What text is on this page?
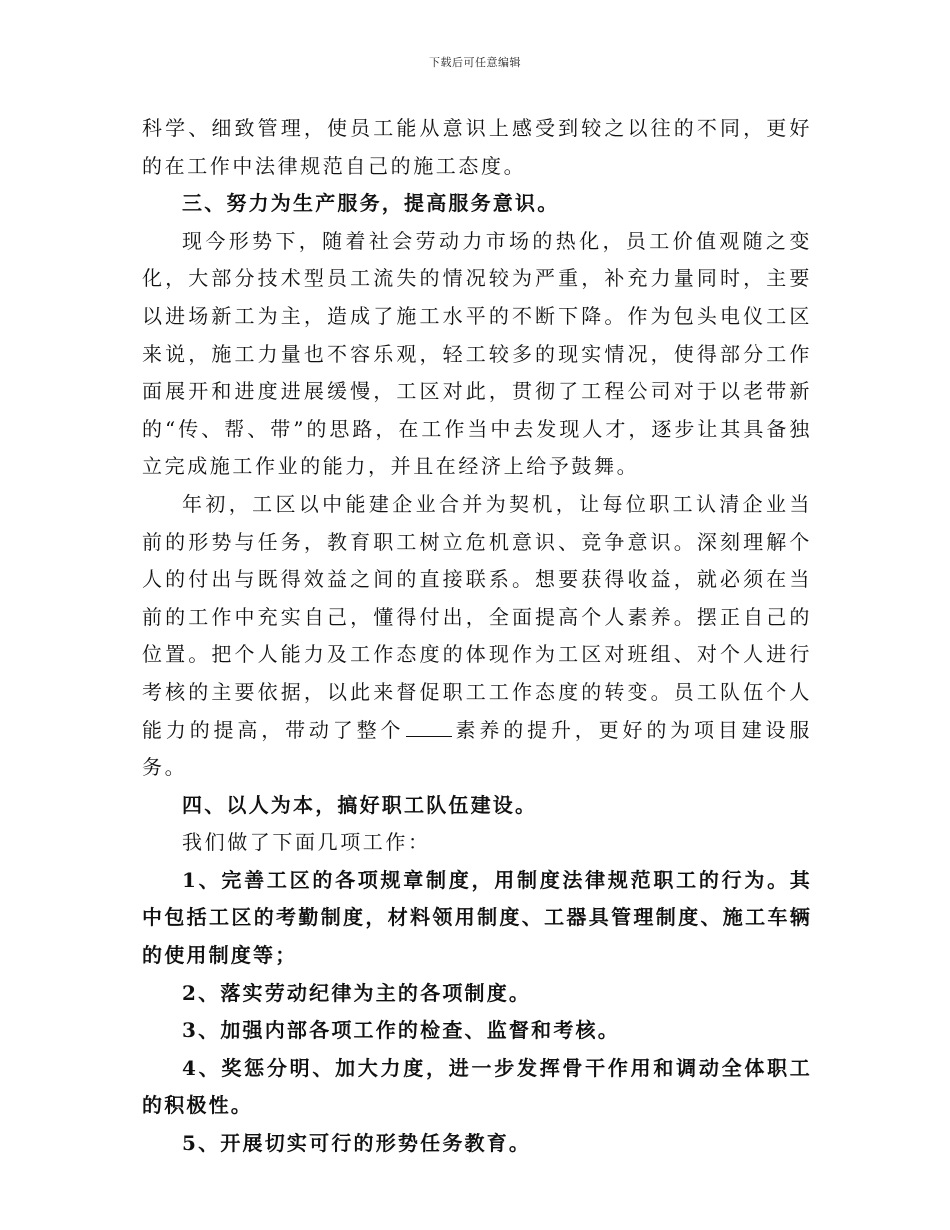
下载后可任意编辑

科学、细致管理，使员工能从意识上感受到较之以往的不同，更好的在工作中法律规范自己的施工态度。

三、努力为生产服务，提高服务意识。

现今形势下，随着社会劳动力市场的热化，员工价值观随之变化，大部分技术型员工流失的情况较为严重，补充力量同时，主要以进场新工为主，造成了施工水平的不断下降。作为包头电仪工区来说，施工力量也不容乐观，轻工较多的现实情况，使得部分工作面展开和进度进展缓慢，工区对此，贯彻了工程公司对于以老带新的“传、帮、带”的思路，在工作当中去发现人才，逐步让其具备独立完成施工作业的能力，并且在经济上给予鼓舞。

年初，工区以中能建企业合并为契机，让每位职工认清企业当前的形势与任务，教育职工树立危机意识、竞争意识。深刻理解个人的付出与既得效益之间的直接联系。想要获得收益，就必须在当前的工作中充实自己，懂得付出，全面提高个人素养。摆正自己的位置。把个人能力及工作态度的体现作为工区对班组、对个人进行考核的主要依据，以此来督促职工工作态度的转变。员工队伍个人能力的提高，带动了整个	素养的提升，更好的为项目建设服务。

四、以人为本，搞好职工队伍建设。

我们做了下面几项工作：

1、完善工区的各项规章制度，用制度法律规范职工的行为。其中包括工区的考勤制度，材料领用制度、工器具管理制度、施工车辆的使用制度等；

2、落实劳动纪律为主的各项制度。

3、加强内部各项工作的检查、监督和考核。

4、奖惩分明、加大力度，进一步发挥骨干作用和调动全体职工的积极性。

5、开展切实可行的形势任务教育。
